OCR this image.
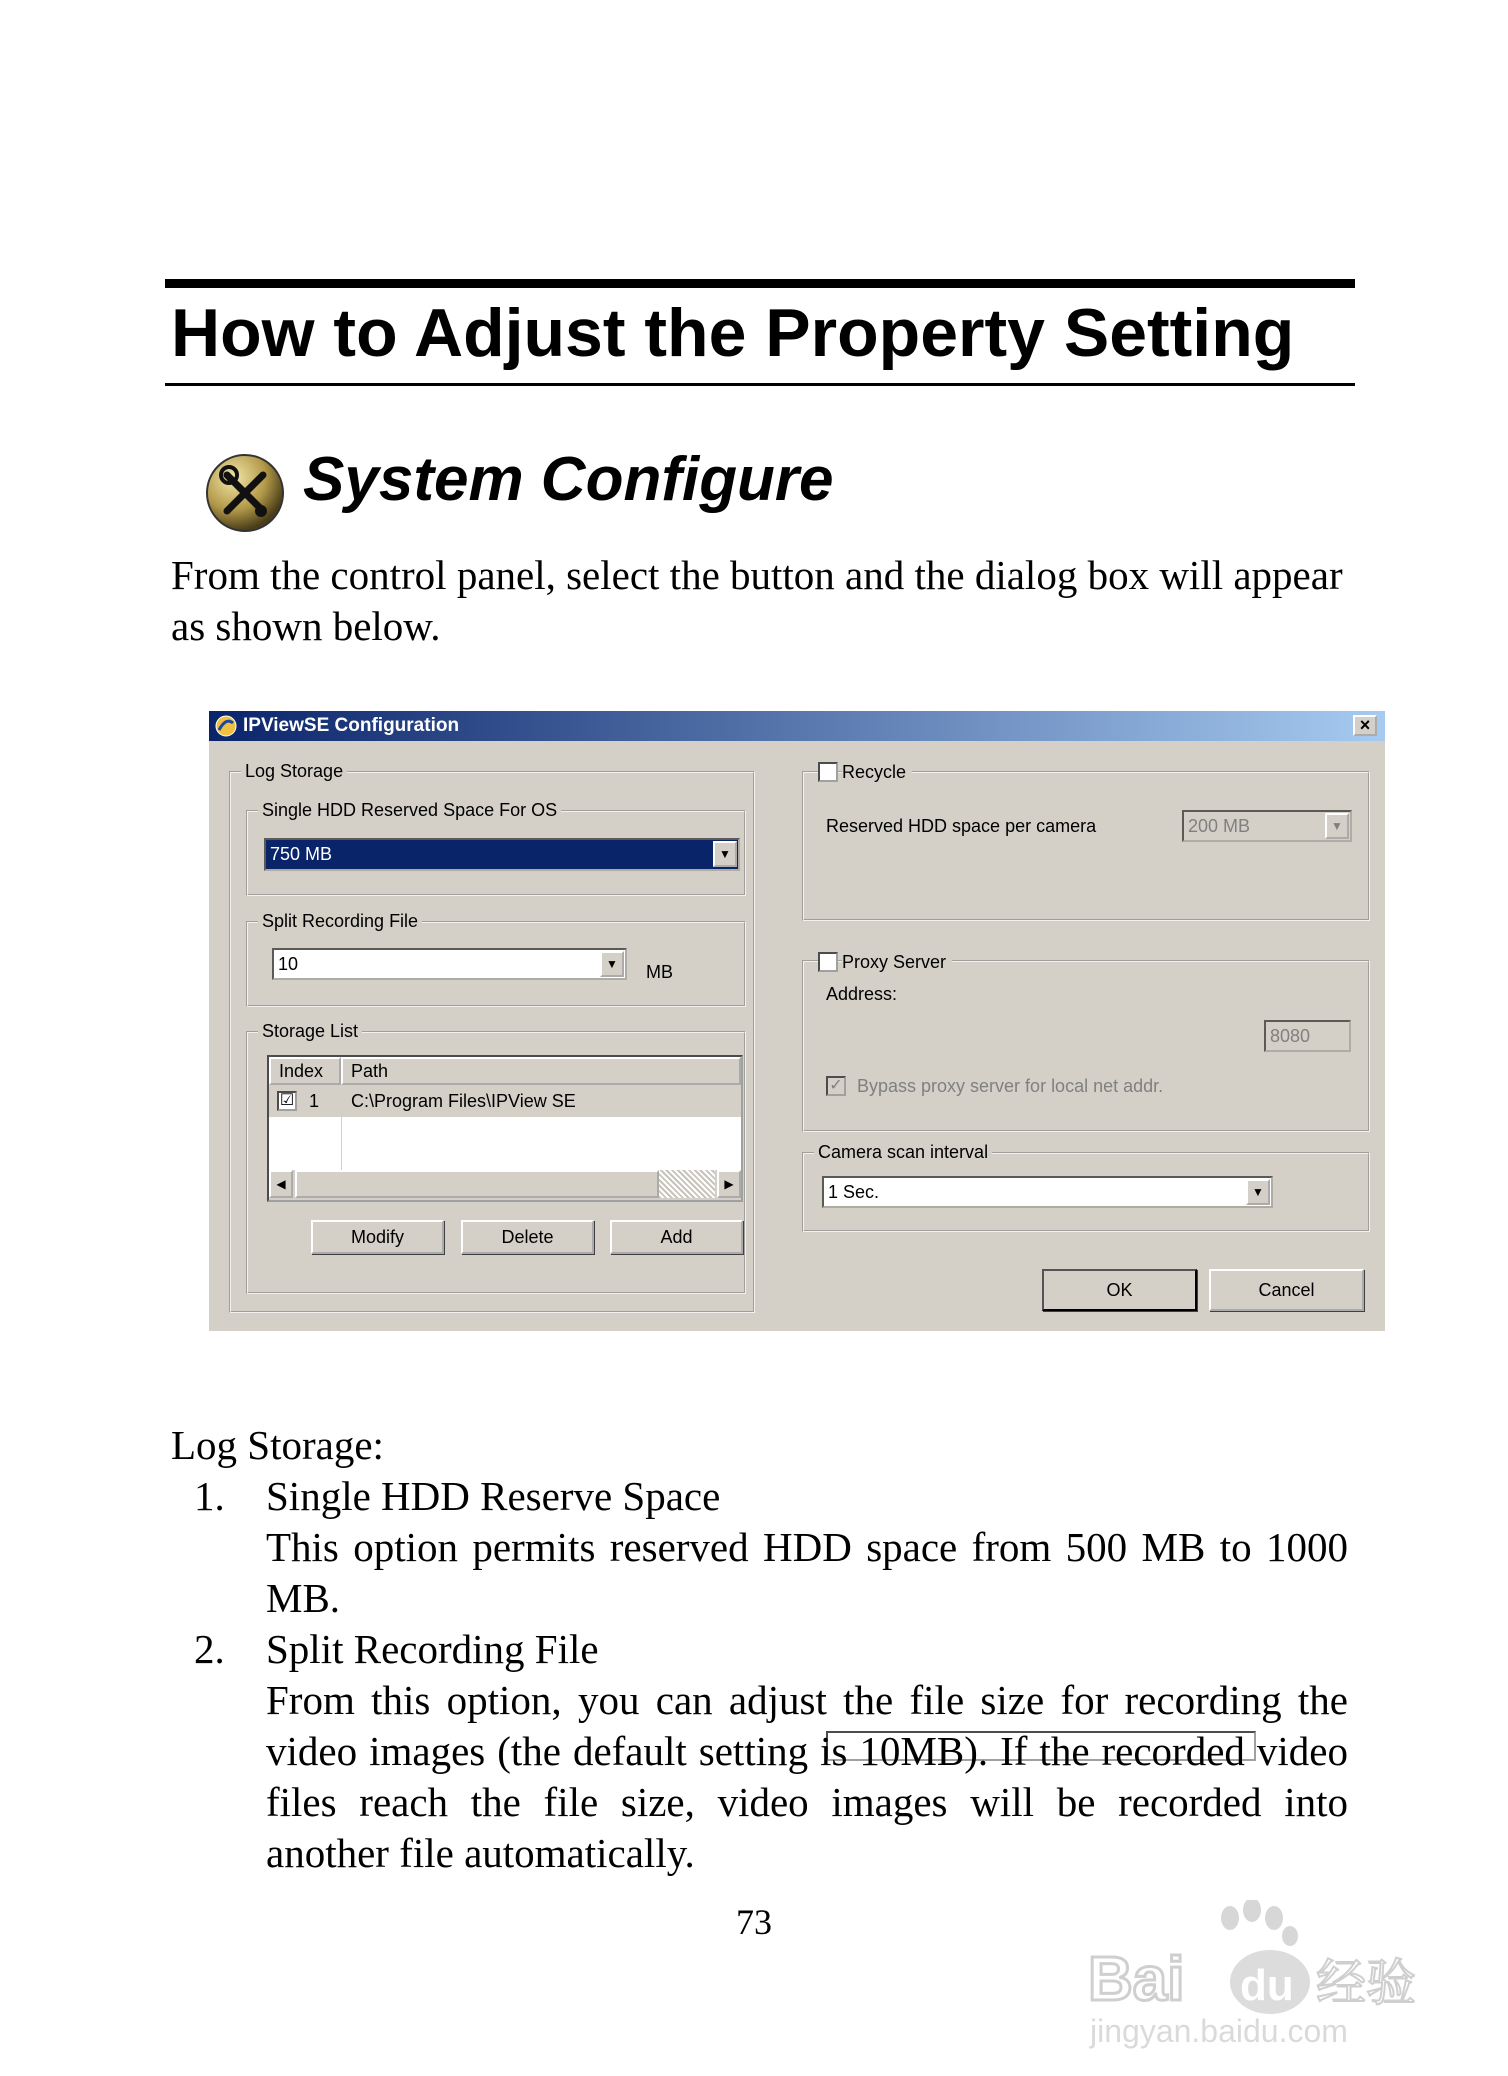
How to Adjust the Property Setting
System Configure
From the control panel, select the button and the dialog box will appear as shown below.
IPViewSE Configuration	×
Log Storage
Single HDD Reserved Space For OS
750 MB	▼
Split Recording File
10	▼	MB
Storage List
Index	Path
☑ 1 C:\Program Files\IPView SE
◀	▶
Modify	Delete	Add
Recycle
Reserved HDD space per camera	200 MB	▼
Proxy Server
Address:
8080
✓ Bypass proxy server for local net addr.
Camera scan interval
1 Sec.	▼
OK	Cancel
Log Storage:
1. Single HDD Reserve Space
This option permits reserved HDD space from 500 MB to 1000 MB.
2. Split Recording File
From this option, you can adjust the file size for recording the video images (the default setting is 10MB). If the recorded video files reach the file size, video images will be recorded into another file automatically.
73
Bai du 经验
jingyan.baidu.com
